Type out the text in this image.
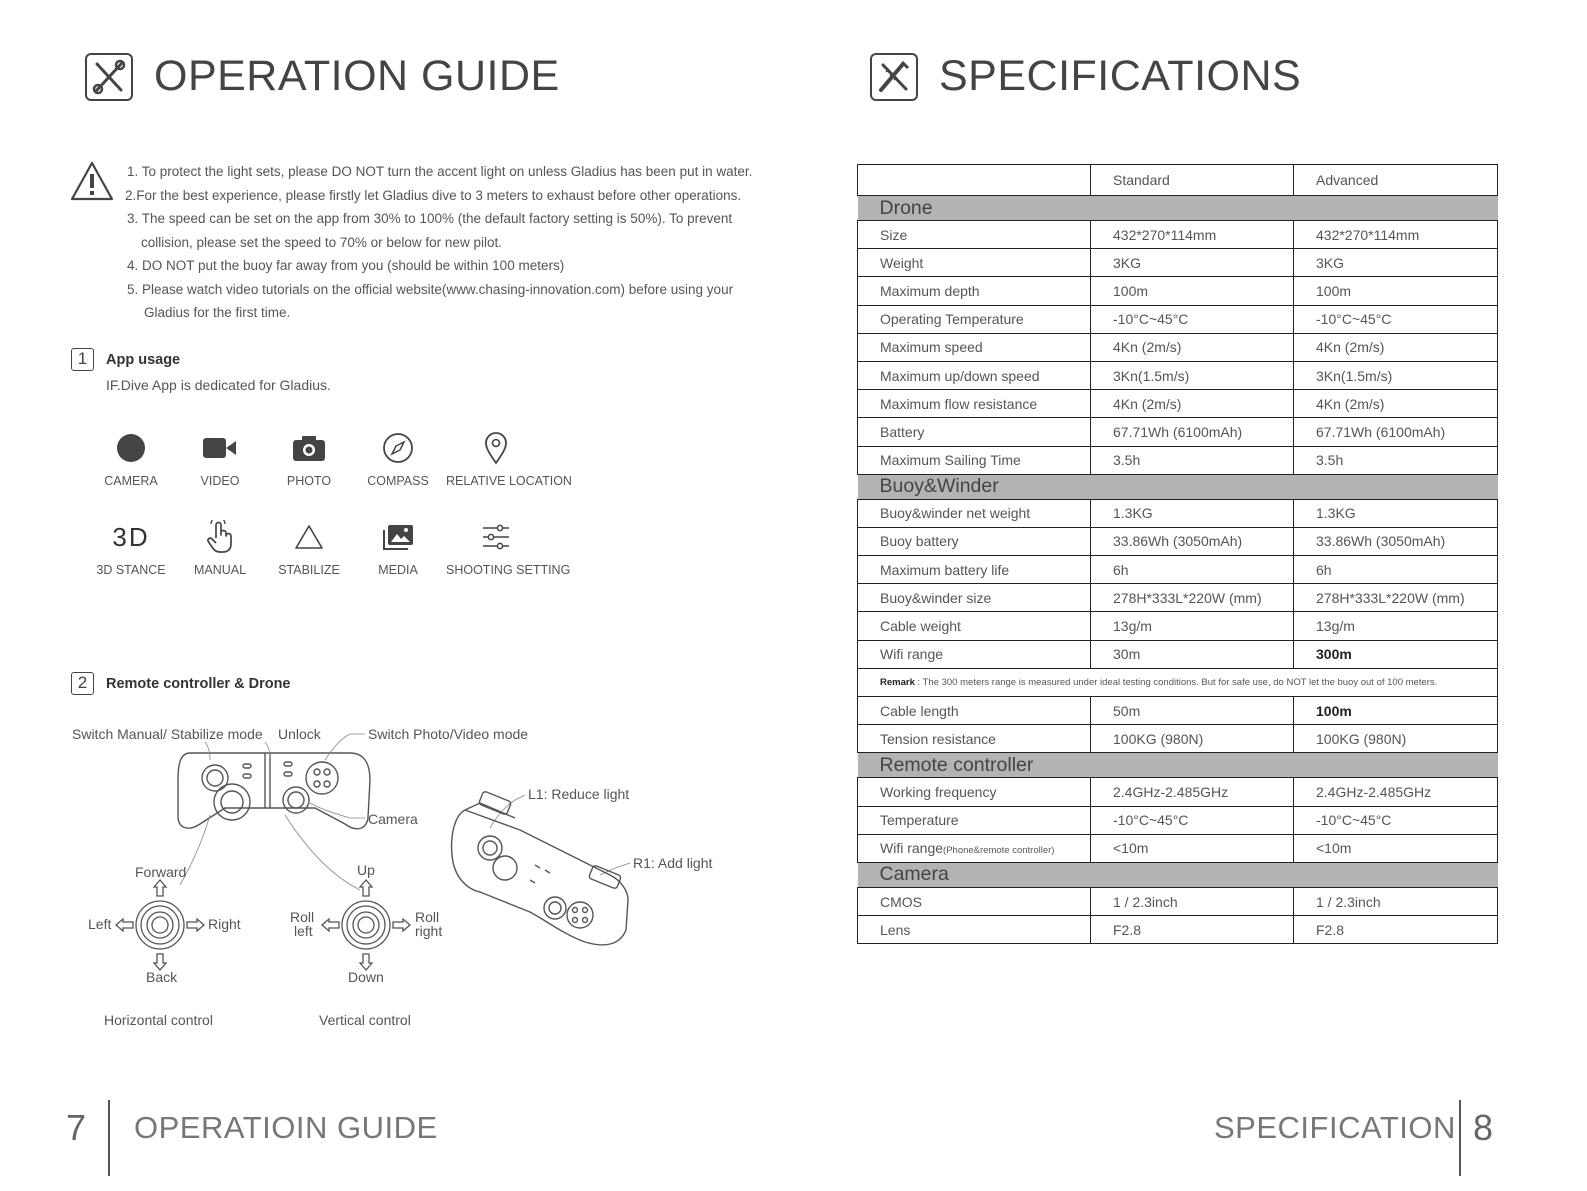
OPERATION GUIDE
1. To protect the light sets, please DO NOT turn the accent light on unless Gladius has been put in water.
2.For the best experience, please firstly let Gladius dive to 3 meters to exhaust before other operations.
3. The speed can be set on the app from 30% to 100% (the default factory setting is 50%). To prevent
collision, please set the speed to 70% or below for new pilot.
4. DO NOT put the buoy far away from you (should be within 100 meters)
5. Please watch video tutorials on the official website(www.chasing-innovation.com) before using your
Gladius for the first time.
1	App usage
IF.Dive App is dedicated for Gladius.
CAMERA	VIDEO	PHOTO	COMPASS	RELATIVE LOCATION
3D
3D STANCE	MANUAL	STABILIZE	MEDIA	SHOOTING SETTING
2	Remote controller & Drone
Switch Manual/ Stabilize mode Unlock	Switch Photo/Video mode
Camera
L1: Reduce light
R1: Add light
Forward
Left	Right
Back
Up
Roll
left
Roll
right
Down
Horizontal control	Vertical control
7 OPERATIOIN GUIDE
SPECIFICATIONS
	Standard	Advanced
Drone		
Size	432*270*114mm	432*270*114mm
Weight	3KG	3KG
Maximum depth	100m	100m
Operating Temperature	-10°C~45°C	-10°C~45°C
Maximum speed	4Kn (2m/s)	4Kn (2m/s)
Maximum up/down speed	3Kn(1.5m/s)	3Kn(1.5m/s)
Maximum flow resistance	4Kn (2m/s)	4Kn (2m/s)
Battery	67.71Wh (6100mAh)	67.71Wh (6100mAh)
Maximum Sailing Time	3.5h	3.5h
Buoy&Winder		
Buoy&winder net weight	1.3KG	1.3KG
Buoy battery	33.86Wh (3050mAh)	33.86Wh (3050mAh)
Maximum battery life	6h	6h
Buoy&winder size	278H*333L*220W (mm)	278H*333L*220W (mm)
Cable weight	13g/m	13g/m
Wifi range	30m	300m
Remark : The 300 meters range is measured under ideal testing conditions. But for safe use, do NOT let the buoy out of 100 meters.		
Cable length	50m	100m
Tension resistance	100KG (980N)	100KG (980N)
Remote controller		
Working frequency	2.4GHz-2.485GHz	2.4GHz-2.485GHz
Temperature	-10°C~45°C	-10°C~45°C
Wifi range(Phone&remote controller)	<10m	<10m
Camera		
CMOS	1 / 2.3inch	1 / 2.3inch
Lens	F2.8	F2.8
SPECIFICATION 8
